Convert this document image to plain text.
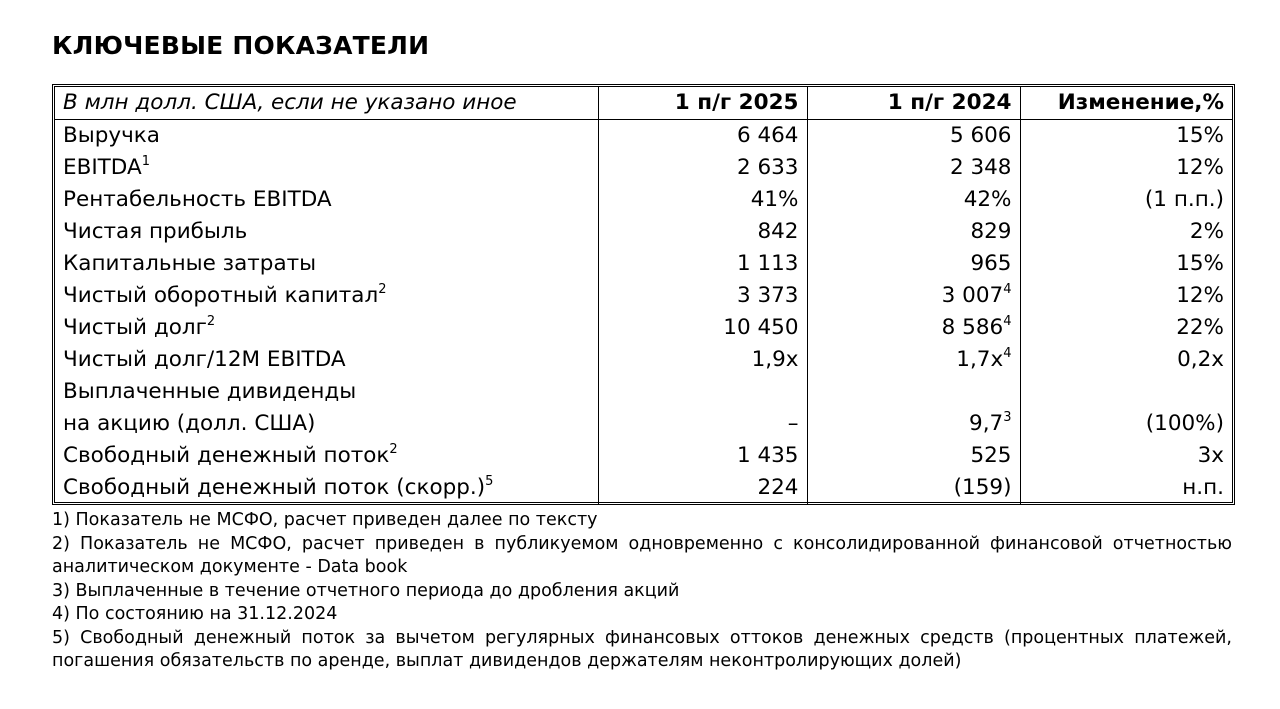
КЛЮЧЕВЫЕ ПОКАЗАТЕЛИ
В млн долл. США, если не указано иное	1 п/г 2025	1 п/г 2024	Изменение,%
Выручка	6 464	5 606	15%
EBITDA$^1$	2 633	2 348	12%
Рентабельность EBITDA	41%	42%	(1 п.п.)
Чистая прибыль	842	829	2%
Капитальные затраты	1 113	965	15%
Чистый оборотный капитал$^2$	3 373	3 $007^4$	12%
Чистый долг$^2$	10 450	8 $586^4$	22%
Чистый долг/12M EBITDA	1,9x	$1,7x^4$	0,2x
Выплаченные дивиденды			
на акцию (долл. США)	–	$9,7^3$	(100%)
Свободный денежный поток$^2$	1 435	525	3x
Свободный денежный поток (скорр.)$^5$	224	(159)	н.п.
1) Показатель не МСФО, расчет приведен далее по тексту
2) Показатель не МСФО, расчет приведен в публикуемом одновременно с консолидированной финансовой отчетностью аналитическом документе - Data book
3) Выплаченные в течение отчетного периода до дробления акций
4) По состоянию на 31.12.2024
5) Свободный денежный поток за вычетом регулярных финансовых оттоков денежных средств (процентных платежей, погашения обязательств по аренде, выплат дивидендов держателям неконтролирующих долей)
